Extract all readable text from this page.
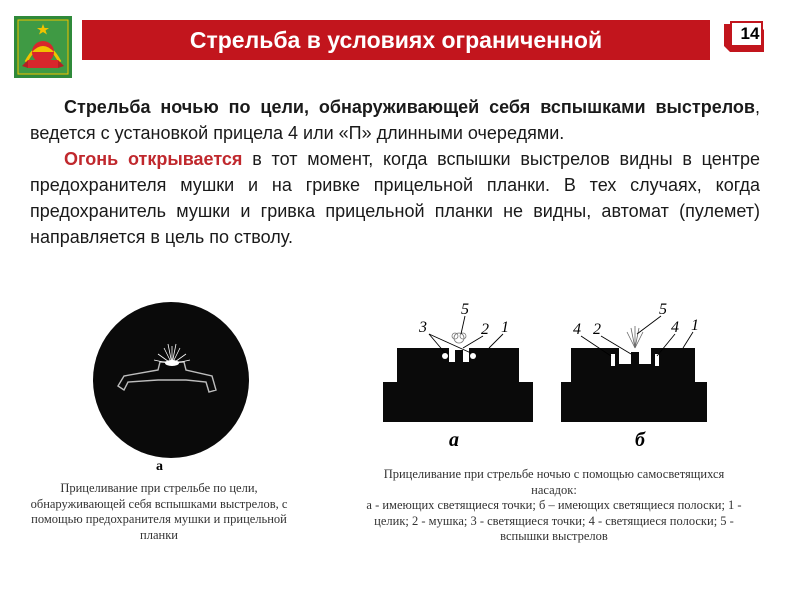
Стрельба в условиях ограниченной	14

Стрельба ночью по цели, обнаруживающей себя вспышками выстрелов, ведется с установкой прицела 4 или «П» длинными очередями.

Огонь открывается в тот момент, когда вспышки выстрелов видны в центре предохранителя мушки и на гривке прицельной планки. В тех случаях, когда предохранитель мушки и гривка прицельной планки не видны, автомат (пулемет) направляется в цель по стволу.

а
3
5
2 1
а
4 2
5
4 1
б
Прицеливание при стрельбе по цели, обнаруживающей себя вспышками выстрелов, с помощью предохранителя мушки и прицельной планки
Прицеливание при стрельбе ночью с помощью самосветящихся насадок:
а - имеющих светящиеся точки; б – имеющих светящиеся полоски; 1 - целик; 2 - мушка; 3 - светящиеся точки; 4 - светящиеся полоски; 5 - вспышки выстрелов
